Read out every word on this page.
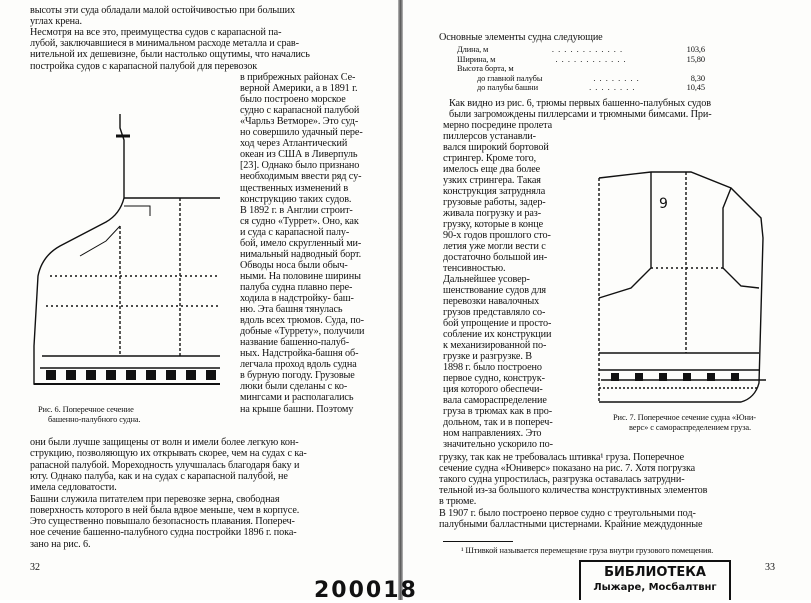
высоты эти суда обладали малой остойчивостью при больших
углах крена.
Несмотря на все это, преимущества судов с карапасной па-
лубой, заключавшиеся в минимальном расходе металла и срав-
нительной их дешевизне, были настолько ощутимы, что начались
постройка судов с карапасной палубой для перевозок
в прибрежных районах Се-
верной Америки, а в 1891 г.
было построено морское
судно с карапасной палубой
«Чарльз Ветморе». Это суд-
но совершило удачный пере-
ход через Атлантический
океан из США в Ливерпуль
[23]. Однако было признано
необходимым ввести ряд су-
щественных изменений в
конструкцию таких судов.
В 1892 г. в Англии строит-
ся судно «Туррет». Оно, как
и суда с карапасной палу-
бой, имело скругленный ми-
нимальный надводный борт.
Обводы носа были обыч-
ными. На половине ширины
палуба судна плавно пере-
ходила в надстройку- баш-
ню. Эта башня тянулась
вдоль всех трюмов. Суда, по-
добные «Туррету», получили
название башенно-палуб-
ных. Надстройка-башня об-
легчала проход вдоль судна
в бурную погоду. Грузовые
люки были сделаны с ко-
мингсами и располагались
на крыше башни. Поэтому
Рис. 6. Поперечное сечение
башенно-палубного судна.
они были лучше защищены от волн и имели более легкую кон-
струкцию, позволяющую их открывать скорее, чем на судах с ка-
рапасной палубой. Мореходность улучшалась благодаря баку и
юту. Однако палуба, как и на судах с карапасной палубой, не
имела седловатости.
Башни служила питателем при перевозке зерна, свободная
поверхность которого в ней была вдвое меньше, чем в корпусе.
Это существенно повышало безопасность плавания. Попереч-
ное сечение башенно-палубного судна постройки 1896 г. пока-
зано на рис. 6.
32
Основные элементы судна следующие
Длина, м	. . . . . . . . . . . .	103,6
Ширина, м	. . . . . . . . . . . .	15,80
Высота борта, м
до главной палубы	. . . . . . . .	8,30
до палубы башни	. . . . . . . .	10,45
Как видно из рис. 6, трюмы первых башенно-палубных судов
были загромождены пиллерсами и трюмными бимсами. При-
мерно посредине пролета
пиллерсов устанавли-
вался широкий бортовой
стрингер. Кроме того,
имелось еще два более
узких стрингера. Такая
конструкция затрудняла
грузовые работы, задер-
живала погрузку и раз-
грузку, которые в конце
90-х годов прошлого сто-
летия уже могли вести с
достаточно большой ин-
тенсивностью.
Дальнейшее усовер-
шенствование судов для
перевозки навалочных
грузов представляло со-
бой упрощение и просто-
собление их конструкции
к механизированной по-
грузке и разгрузке. В
1898 г. было построено
первое судно, конструк-
ция которого обеспечи-
вала самораспределение
груза в трюмах как в про-
дольном, так и в попереч-
ном направлениях. Это
значительно ускорило по-
9
Рис. 7. Поперечное сечение судна «Юни-
верс» с самораспределением груза.
грузку, так как не требовалась штивка¹ груза. Поперечное
сечение судна «Юниверс» показано на рис. 7. Хотя погрузка
такого судна упростилась, разгрузка оставалась затрудни-
тельной из-за большого количества конструктивных элементов
в трюме.
В 1907 г. было построено первое судно с треугольными под-
палубными балластными цистернами. Крайние междудонные
¹ Штивкой называется перемещение груза внутри грузового помещения.
БИБЛИОТЕКА
Лыжаре, Мосбалтвнг
33
200018
